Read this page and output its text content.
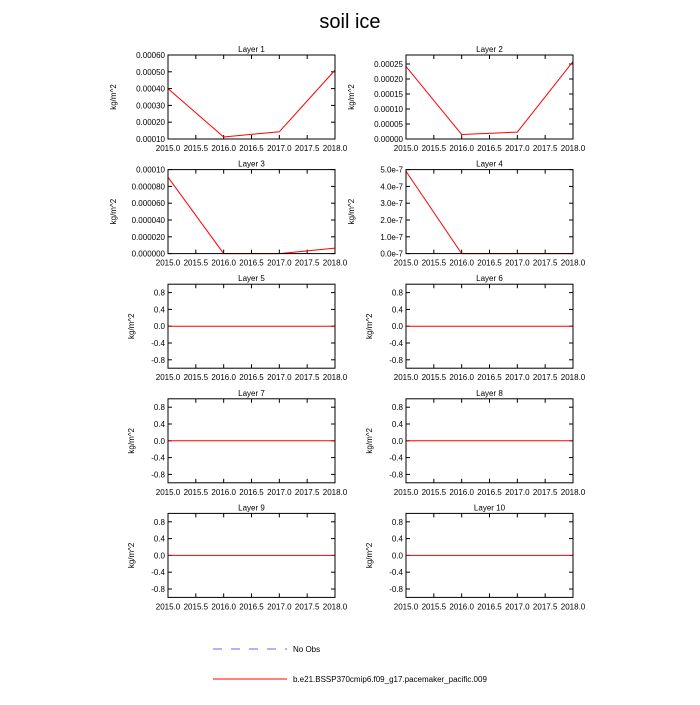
soil ice
Layer 1
kg/m^2
2015.0 2015.5 2016.0 2016.5 2017.0 2017.5 2018.0
0.00010
0.00020
0.00030
0.00040
0.00050
0.00060
Layer 2
kg/m^2
2015.0 2015.5 2016.0 2016.5 2017.0 2017.5 2018.0
0.00000
0.00005
0.00010
0.00015
0.00020
0.00025
Layer 3
kg/m^2
2015.0 2015.5 2016.0 2016.5 2017.0 2017.5 2018.0
0.000000
0.000020
0.000040
0.000060
0.000080
0.00010
Layer 4
kg/m^2
2015.0 2015.5 2016.0 2016.5 2017.0 2017.5 2018.0
0.0e-7
1.0e-7
2.0e-7
3.0e-7
4.0e-7
5.0e-7
Layer 5
kg/m^2
2015.0 2015.5 2016.0 2016.5 2017.0 2017.5 2018.0
-0.8
-0.4
0.0
0.4
0.8
Layer 6
kg/m^2
2015.0 2015.5 2016.0 2016.5 2017.0 2017.5 2018.0
-0.8
-0.4
0.0
0.4
0.8
Layer 7
kg/m^2
2015.0 2015.5 2016.0 2016.5 2017.0 2017.5 2018.0
-0.8
-0.4
0.0
0.4
0.8
Layer 8
kg/m^2
2015.0 2015.5 2016.0 2016.5 2017.0 2017.5 2018.0
-0.8
-0.4
0.0
0.4
0.8
Layer 9
kg/m^2
2015.0 2015.5 2016.0 2016.5 2017.0 2017.5 2018.0
-0.8
-0.4
0.0
0.4
0.8
Layer 10
kg/m^2
2015.0 2015.5 2016.0 2016.5 2017.0 2017.5 2018.0
-0.8
-0.4
0.0
0.4
0.8
No Obs
b.e21.BSSP370cmip6.f09_g17.pacemaker_pacific.009
